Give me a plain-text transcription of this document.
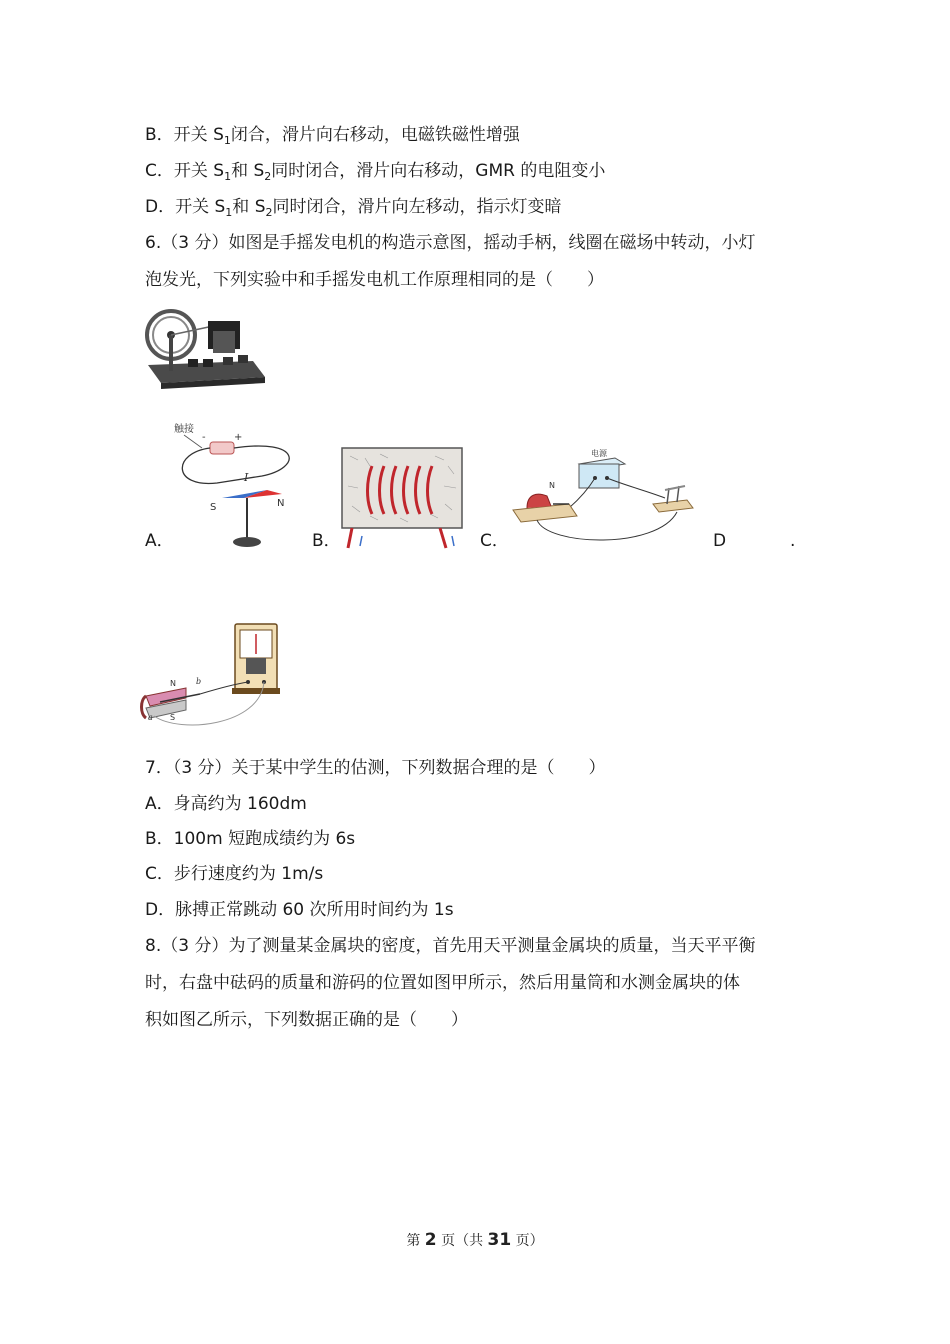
B．开关 $S_1$闭合，滑片向右移动，电磁铁磁性增强
C．开关 $S_1$和 $S_2$同时闭合，滑片向右移动，GMR 的电阻变小
D．开关 $S_1$和 $S_2$同时闭合，滑片向左移动，指示灯变暗
6.（3 分）如图是手摇发电机的构造示意图，摇动手柄，线圈在磁场中转动，小灯
泡发光，下列实验中和手摇发电机工作原理相同的是（　　）
触接
-	+
I
S	N
A．	B．
电源
N
C．	D	.
N
S
a
b
7．（3 分）关于某中学生的估测，下列数据合理的是（　　）
A．身高约为 160dm
B．100m 短跑成绩约为 6s
C．步行速度约为 1m/s
D．脉搏正常跳动 60 次所用时间约为 1s
8.（3 分）为了测量某金属块的密度，首先用天平测量金属块的质量，当天平平衡
时，右盘中砝码的质量和游码的位置如图甲所示，然后用量筒和水测金属块的体
积如图乙所示，下列数据正确的是（　　）
第 2 页（共 31 页）
